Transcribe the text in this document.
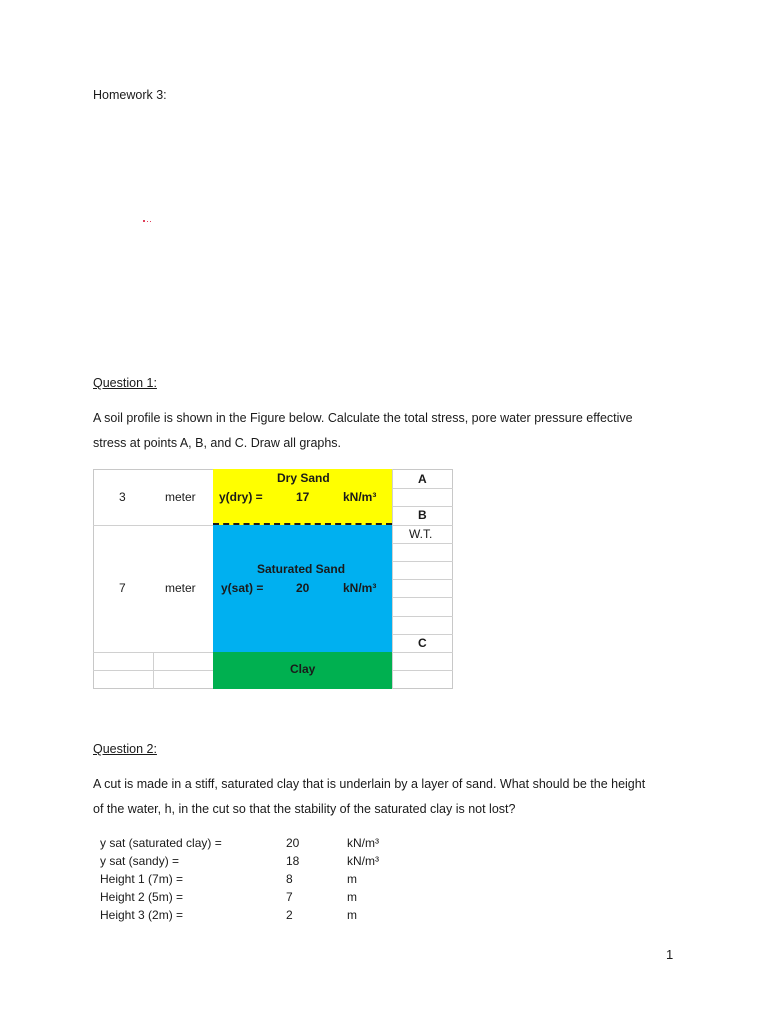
Homework 3:
Question 1:
A soil profile is shown in the Figure below. Calculate the total stress, pore water pressure effective
stress at points A, B, and C. Draw all graphs.
Dry Sand
3	meter y(dry) =	17	kN/m³
Saturated Sand
7	meter y(sat) =	20	kN/m³
Clay
A
B
W.T.
C
Question 2:
A cut is made in a stiff, saturated clay that is underlain by a layer of sand. What should be the height
of the water, h, in the cut so that the stability of the saturated clay is not lost?
y sat (saturated clay) =	20	kN/m³
y sat (sandy) =	18	kN/m³
Height 1 (7m) =	8	m
Height 2 (5m) =	7	m
Height 3 (2m) =	2	m
1
